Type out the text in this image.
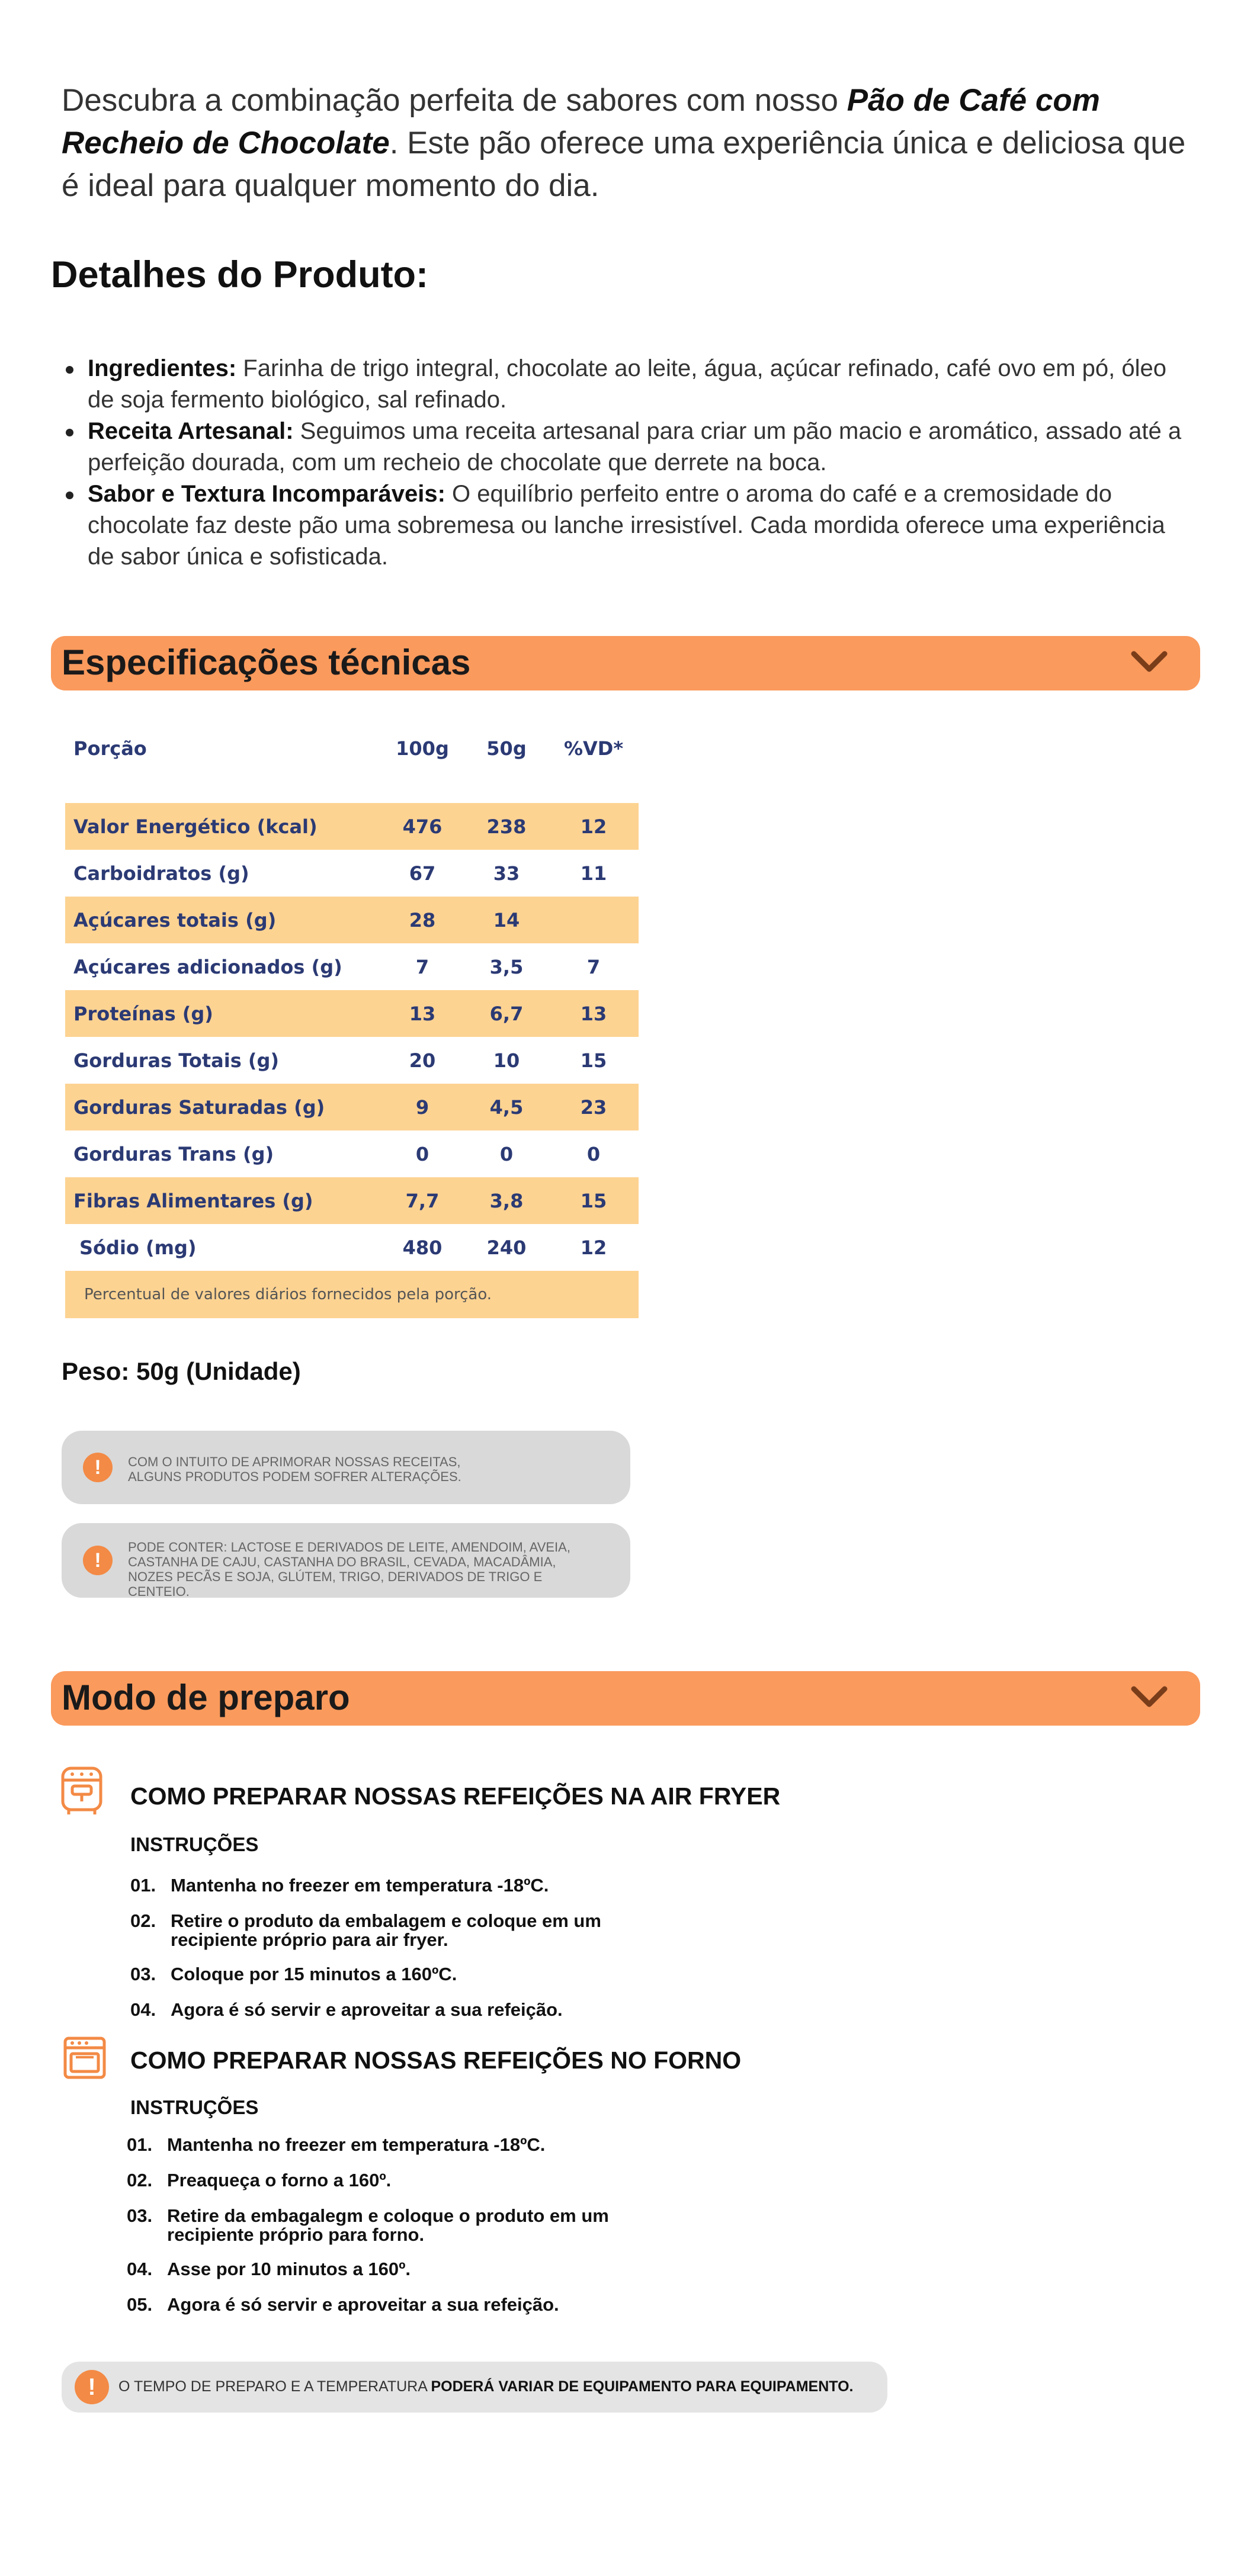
Descubra a combinação perfeita de sabores com nosso Pão de Café com Recheio de Chocolate. Este pão oferece uma experiência única e deliciosa que é ideal para qualquer momento do dia.

Detalhes do Produto:
Ingredientes: Farinha de trigo integral, chocolate ao leite, água, açúcar refinado, café ovo em pó, óleo de soja fermento biológico, sal refinado.
Receita Artesanal: Seguimos uma receita artesanal para criar um pão macio e aromático, assado até a perfeição dourada, com um recheio de chocolate que derrete na boca.
Sabor e Textura Incomparáveis: O equilíbrio perfeito entre o aroma do café e a cremosidade do chocolate faz deste pão uma sobremesa ou lanche irresistível. Cada mordida oferece uma experiência de sabor única e sofisticada.
Especificações técnicas
Porção	100g	50g	%VD*

Valor Energético (kcal)	476	238	12
Carboidratos (g)	67	33	11
Açúcares totais (g)	28	14	
Açúcares adicionados (g)	7	3,5	7
Proteínas (g)	13	6,7	13
Gorduras Totais (g)	20	10	15
Gorduras Saturadas (g)	9	4,5	23
Gorduras Trans (g)	0	0	0
Fibras Alimentares (g)	7,7	3,8	15
Sódio (mg)	480	240	12
Percentual de valores diários fornecidos pela porção.			
Peso: 50g (Unidade)
!
COM O INTUITO DE APRIMORAR NOSSAS RECEITAS, ALGUNS PRODUTOS PODEM SOFRER ALTERAÇÕES.
!
PODE CONTER: LACTOSE E DERIVADOS DE LEITE, AMENDOIM, AVEIA, CASTANHA DE CAJU, CASTANHA DO BRASIL, CEVADA, MACADÂMIA, NOZES PECÃS E SOJA, GLÚTEM, TRIGO, DERIVADOS DE TRIGO E CENTEIO.
Modo de preparo
COMO PREPARAR NOSSAS REFEIÇÕES NA AIR FRYER
INSTRUÇÕES
01. Mantenha no freezer em temperatura -18ºC.
02. Retire o produto da embalagem e coloque em um recipiente próprio para air fryer.
03. Coloque por 15 minutos a 160ºC.
04. Agora é só servir e aproveitar a sua refeição.
COMO PREPARAR NOSSAS REFEIÇÕES NO FORNO
INSTRUÇÕES
01. Mantenha no freezer em temperatura -18ºC.
02. Preaqueça o forno a 160º.
03. Retire da embagalegm e coloque o produto em um recipiente próprio para forno.
04. Asse por 10 minutos a 160º.
05. Agora é só servir e aproveitar a sua refeição.
!
O TEMPO DE PREPARO E A TEMPERATURA PODERÁ VARIAR DE EQUIPAMENTO PARA EQUIPAMENTO.
